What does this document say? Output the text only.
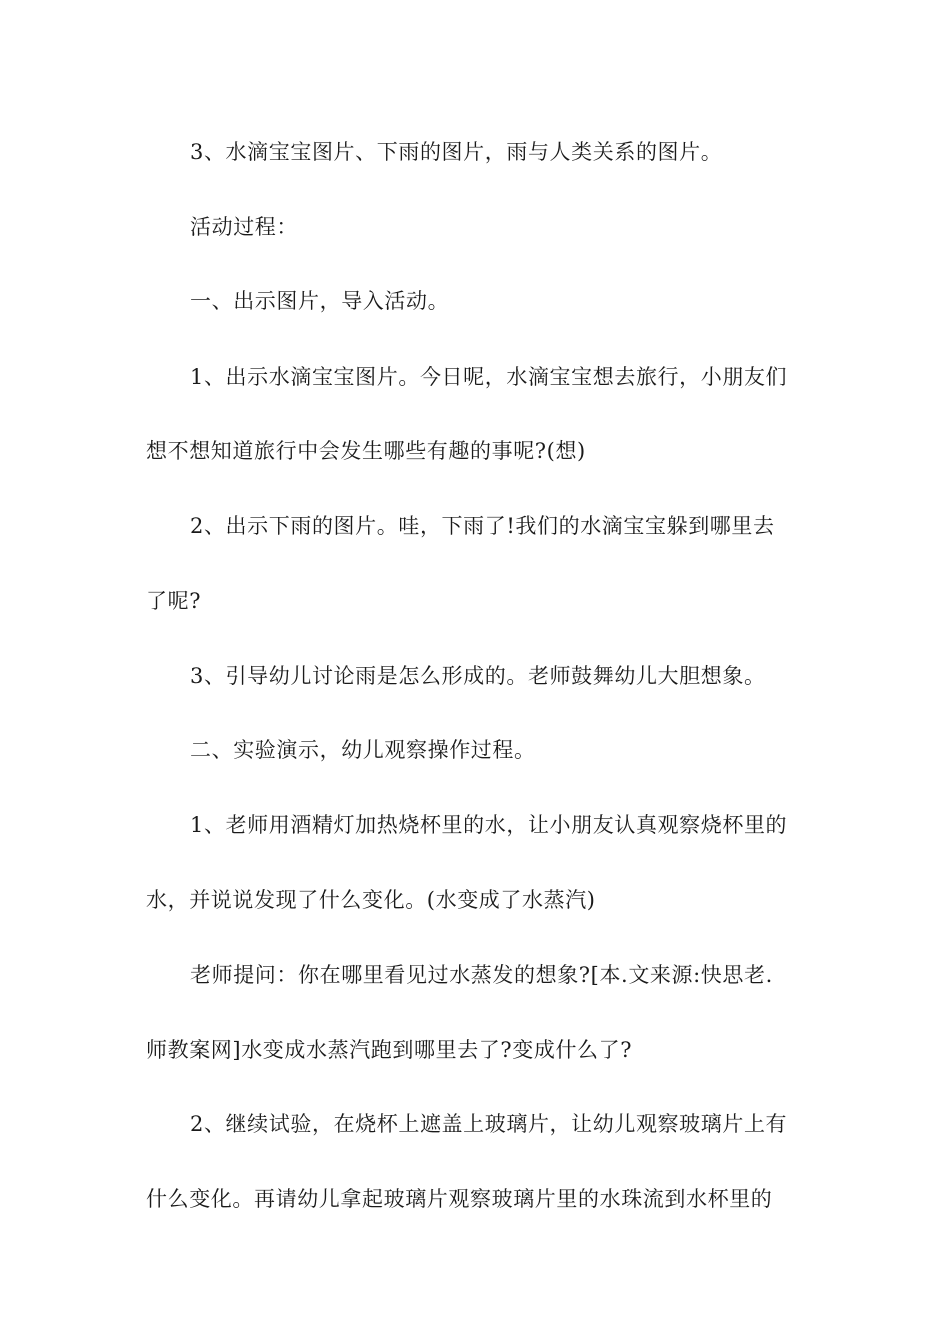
3、水滴宝宝图片、下雨的图片，雨与人类关系的图片。
活动过程：
一、出示图片，导入活动。
1、出示水滴宝宝图片。今日呢，水滴宝宝想去旅行，小朋友们
想不想知道旅行中会发生哪些有趣的事呢?(想)
2、出示下雨的图片。哇，下雨了!我们的水滴宝宝躲到哪里去
了呢?
3、引导幼儿讨论雨是怎么形成的。老师鼓舞幼儿大胆想象。
二、实验演示，幼儿观察操作过程。
1、老师用酒精灯加热烧杯里的水，让小朋友认真观察烧杯里的
水，并说说发现了什么变化。(水变成了水蒸汽)
老师提问：你在哪里看见过水蒸发的想象?[本.文来源:快思老.
师教案网]水变成水蒸汽跑到哪里去了?变成什么了?
2、继续试验，在烧杯上遮盖上玻璃片，让幼儿观察玻璃片上有
什么变化。再请幼儿拿起玻璃片观察玻璃片里的水珠流到水杯里的
